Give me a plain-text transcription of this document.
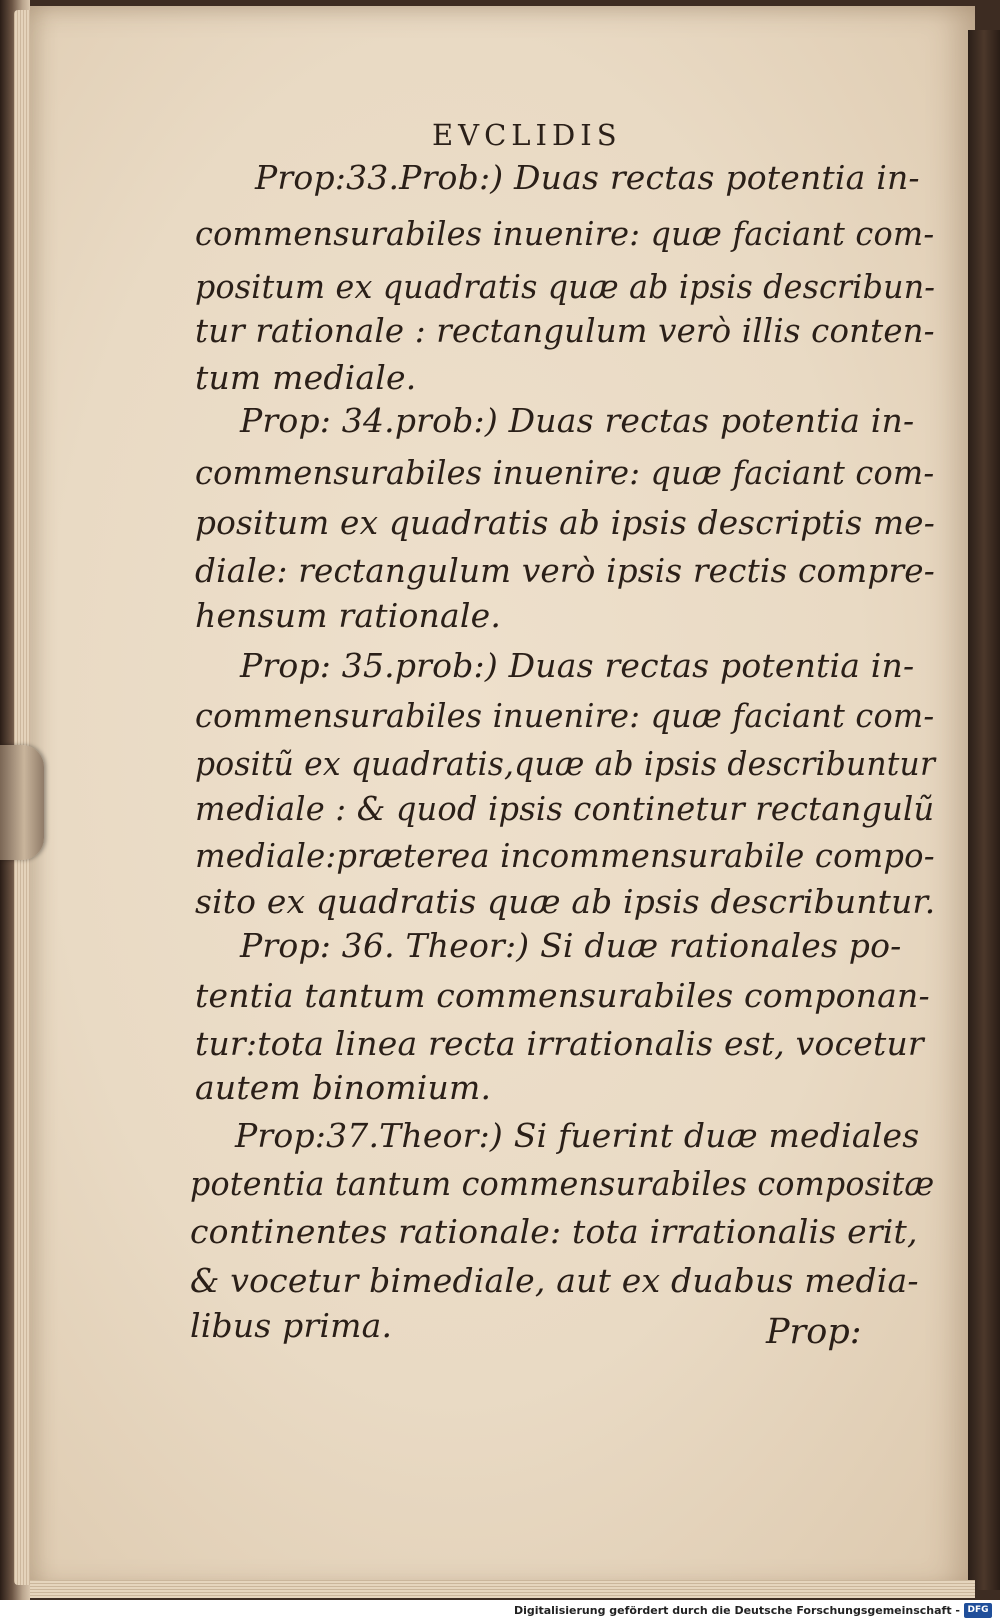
EVCLIDIS
Prop:33.Prob:) Duas rectas potentia in-
commensurabiles inuenire: quæ faciant com-
positum ex quadratis quæ ab ipsis describun-
tur rationale : rectangulum verò illis conten-
tum mediale.
Prop: 34.prob:) Duas rectas potentia in-
commensurabiles inuenire: quæ faciant com-
positum ex quadratis ab ipsis descriptis me-
diale: rectangulum verò ipsis rectis compre-
hensum rationale.
Prop: 35.prob:) Duas rectas potentia in-
commensurabiles inuenire: quæ faciant com-
positũ ex quadratis,quæ ab ipsis describuntur
mediale : & quod ipsis continetur rectangulũ
mediale:præterea incommensurabile compo-
sito ex quadratis quæ ab ipsis describuntur.
Prop: 36. Theor:) Si duæ rationales po-
tentia tantum commensurabiles componan-
tur:tota linea recta irrationalis est, vocetur
autem binomium.
Prop:37.Theor:) Si fuerint duæ mediales
potentia tantum commensurabiles compositæ
continentes rationale: tota irrationalis erit,
& vocetur bimediale, aut ex duabus media-
libus prima.	Prop:
Digitalisierung gefördert durch die Deutsche Forschungsgemeinschaft - DFG
